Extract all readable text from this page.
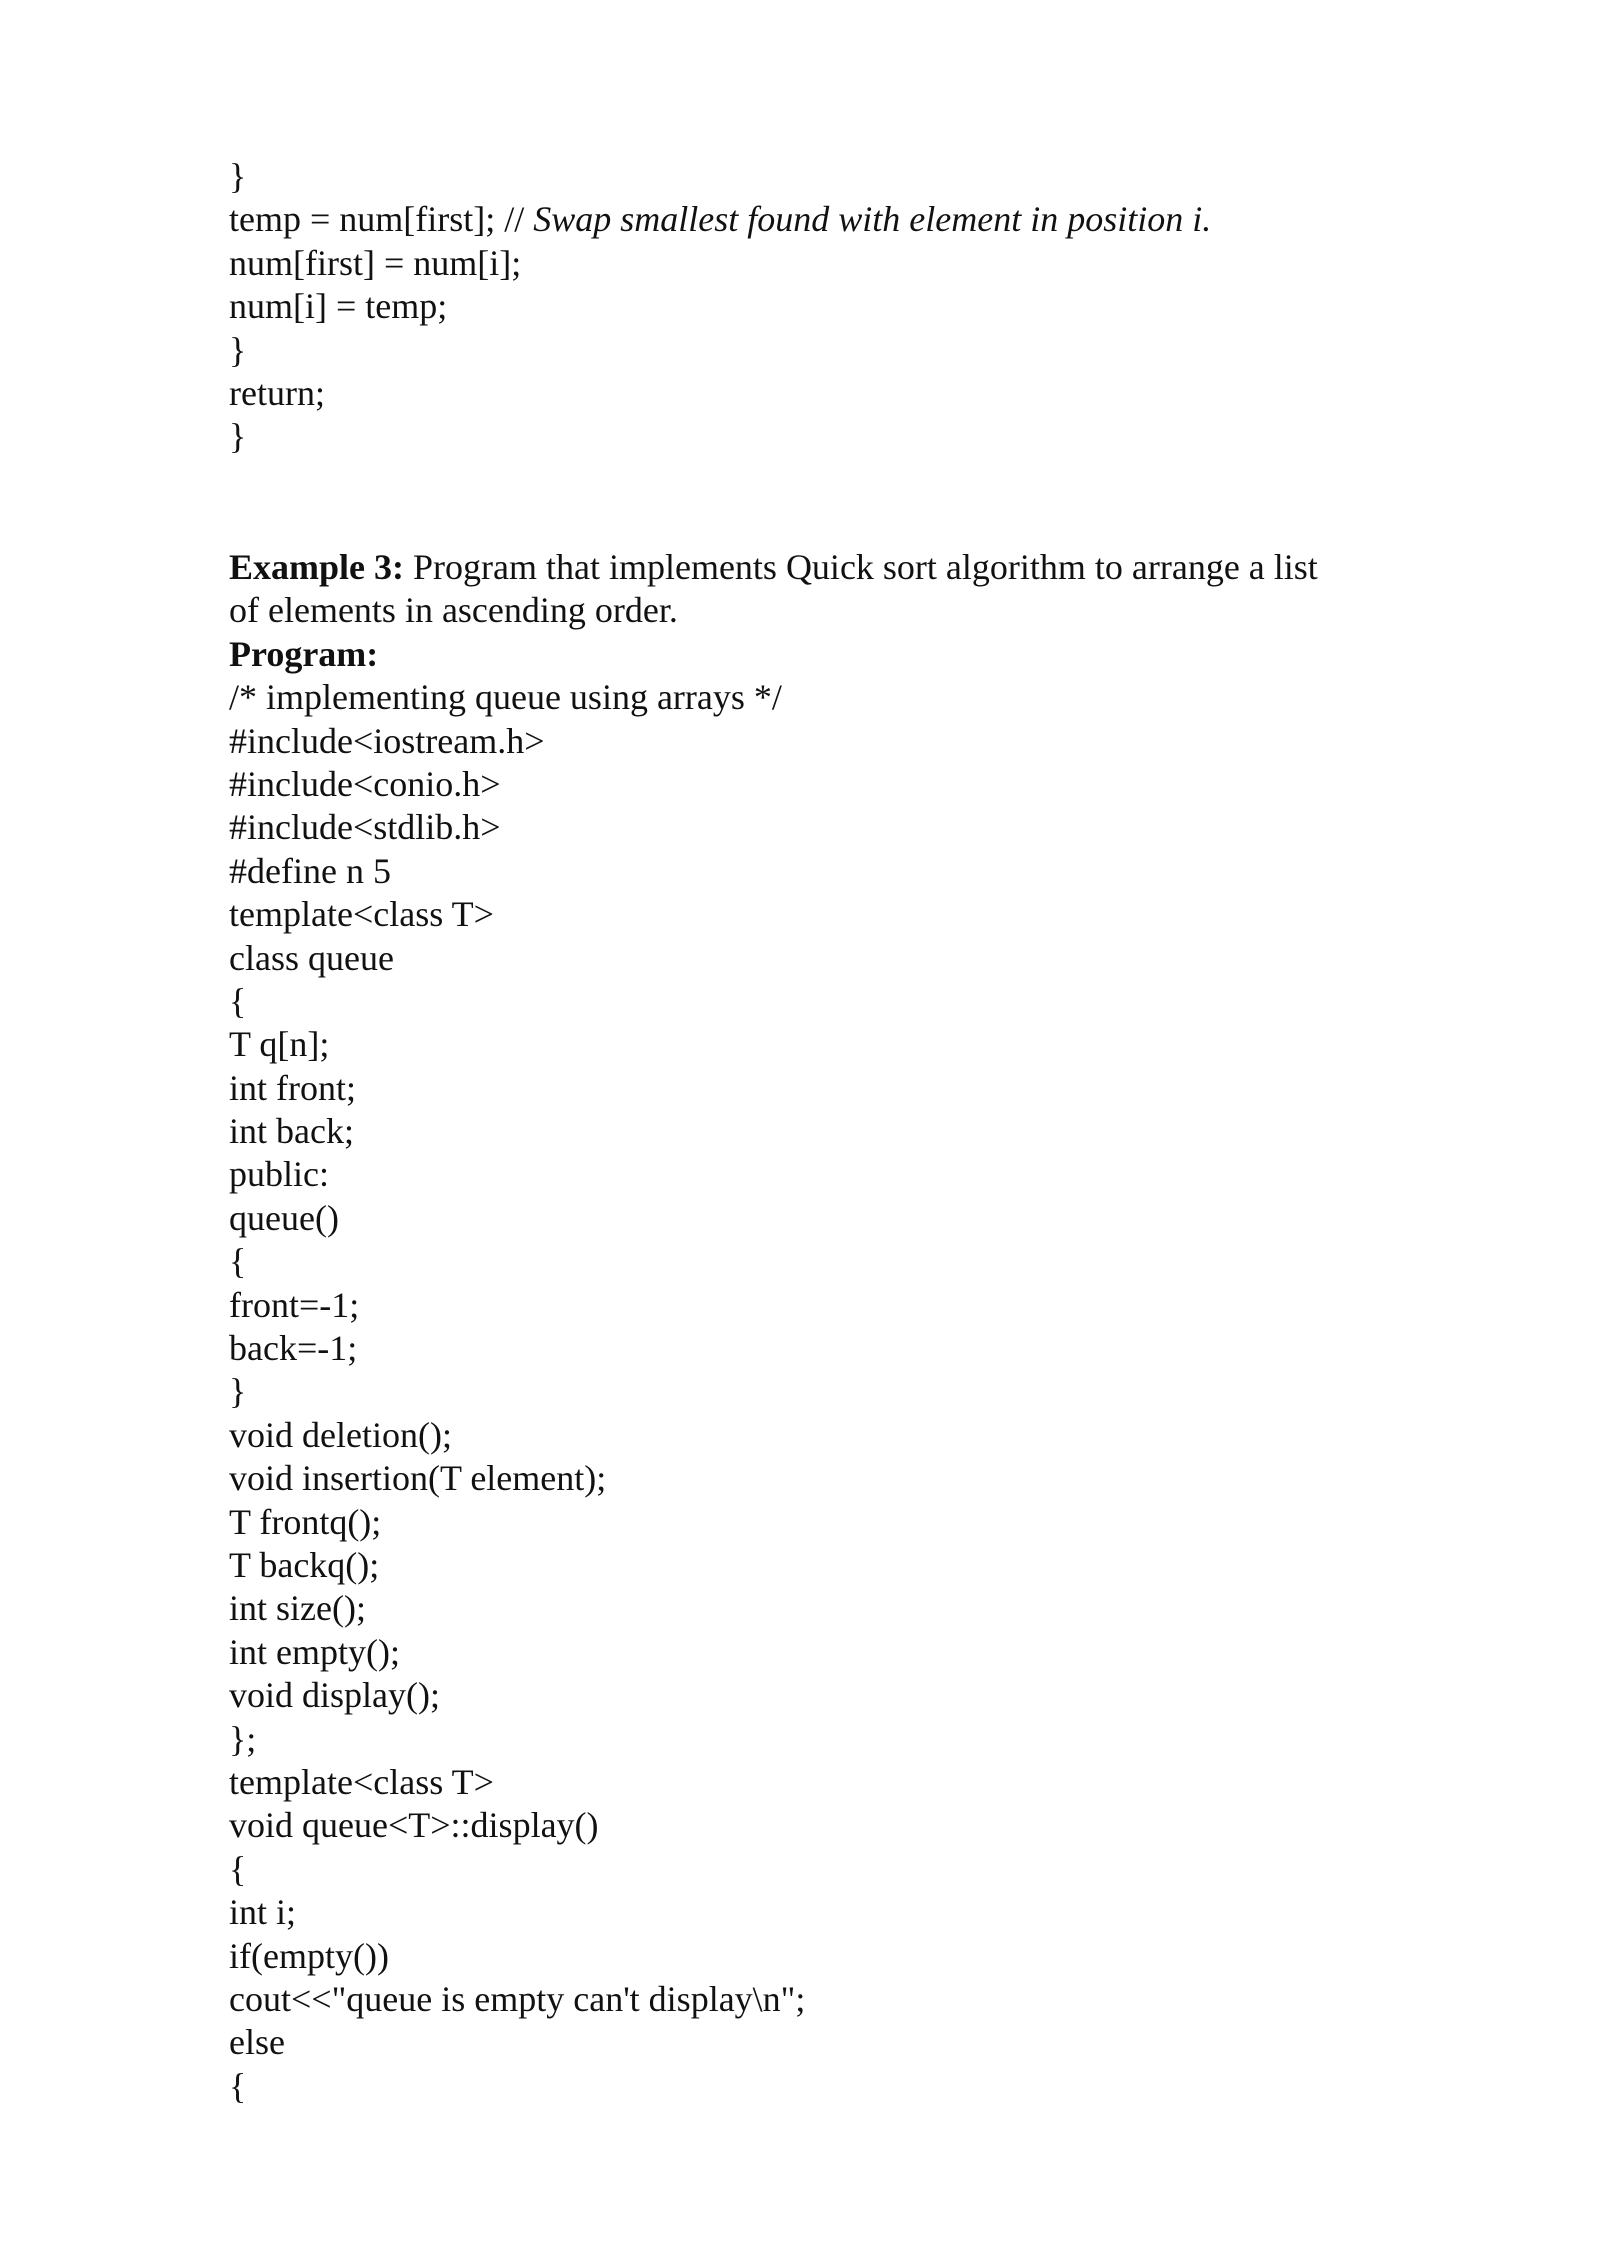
}
temp = num[first]; // Swap smallest found with element in position i.
num[first] = num[i];
num[i] = temp;
}
return;
}
Example 3: Program that implements Quick sort algorithm to arrange a list
of elements in ascending order.
Program:
/* implementing queue using arrays */
#include<iostream.h>
#include<conio.h>
#include<stdlib.h>
#define n 5
template<class T>
class queue
{
T q[n];
int front;
int back;
public:
queue()
{
front=-1;
back=-1;
}
void deletion();
void insertion(T element);
T frontq();
T backq();
int size();
int empty();
void display();
};
template<class T>
void queue<T>::display()
{
int i;
if(empty())
cout<<"queue is empty can't display\n";
else
{
